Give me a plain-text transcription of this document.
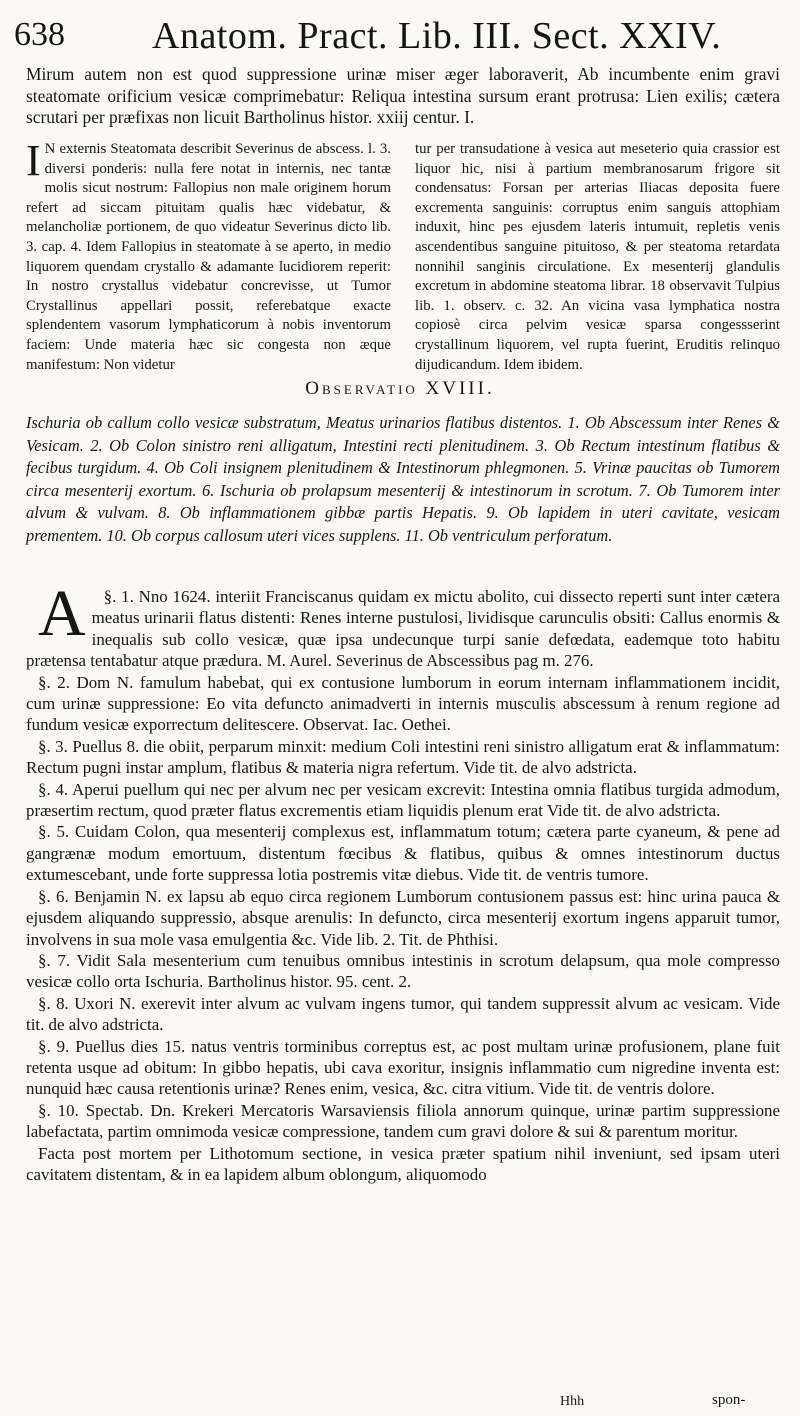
638 Anatom. Pract. Lib. III. Sect. XXIV.
Mirum autem non est quod suppressione urinæ miser æger laboraverit, Ab incumbente enim gravi steatomate orificium vesicæ comprimebatur: Reliqua intestina sursum erant protrusa: Lien exilis; cætera scrutari per præfixas non licuit Bartholinus histor. xxiij centur. I.
I N externis Steatomata describit Severinus de abscess. l. 3. diversi ponderis: nulla fere notat in internis, nec tantæ molis sicut nostrum: Fallopius non male originem horum refert ad siccam pituitam qualis hæc videbatur, & melancholiæ portionem, de quo videatur Severinus dicto lib. 3. cap. 4. Idem Fallopius in steatomate à se aperto, in medio liquorem quendam crystallo & adamante lucidiorem reperit: In nostro crystallus videbatur concrevisse, ut Tumor Crystallinus appellari possit, referebatque exacte splendentem vasorum lymphaticorum à nobis inventorum faciem: Unde materia hæc sic congesta non æque manifestum: Non videtur
tur per transudatione à vesica aut meseterio quia crassior est liquor hic, nisi à partium membranosarum frigore sit condensatus: Forsan per arterias Iliacas deposita fuere excrementa sanguinis: corruptus enim sanguis attophiam induxit, hinc pes ejusdem lateris intumuit, repletis venis ascendentibus sanguine pituitoso, & per steatoma retardata nonnihil sanginis circulatione. Ex mesenterij glandulis excretum in abdomine steatoma librar. 18 observavit Tulpius lib. 1. observ. c. 32. An vicina vasa lymphatica nostra copiosè circa pelvim vesicæ sparsa congessserint crystallinum liquorem, vel rupta fuerint, Eruditis relinquo dijudicandum. Idem ibidem.
Observatio XVIII.
Ischuria ob callum collo vesicæ substratum, Meatus urinarios flatibus distentos. 1. Ob Abscessum inter Renes & Vesicam. 2. Ob Colon sinistro reni alligatum, Intestini recti plenitudinem. 3. Ob Rectum intestinum flatibus & fecibus turgidum. 4. Ob Coli insignem plenitudinem & Intestinorum phlegmonen. 5. Vrinæ paucitas ob Tumorem circa mesenterij exortum. 6. Ischuria ob prolapsum mesenterij & intestinorum in scrotum. 7. Ob Tumorem inter alvum & vulvam. 8. Ob inflammationem gibbæ partis Hepatis. 9. Ob lapidem in uteri cavitate, vesicam prementem. 10. Ob corpus callosum uteri vices supplens. 11. Ob ventriculum perforatum.

§. 1.
A	Nno 1624. interiit Franciscanus quidam ex mictu abolito, cui dissecto reperti sunt inter cætera meatus urinarii flatus distenti: Renes interne pustulosi, lividisque carunculis obsiti: Callus enormis & inequalis sub collo vesicæ, quæ ipsa undecunque turpi sanie defœdata, eademque toto habitu prætensa tentabatur atque prædura. M. Aurel. Severinus de Abscessibus pag m. 276.

§. 2. Dom N. famulum habebat, qui ex contusione lumborum in eorum internam inflammationem incidit, cum urinæ suppressione: Eo vita defuncto animadverti in internis musculis abscessum à renum regione ad fundum vesicæ exporrectum delitescere. Observat. Iac. Oethei.

§. 3. Puellus 8. die obiit, perparum minxit: medium Coli intestini reni sinistro alligatum erat & inflammatum: Rectum pugni instar amplum, flatibus & materia nigra refertum. Vide tit. de alvo adstricta.

§. 4. Aperui puellum qui nec per alvum nec per vesicam excrevit: Intestina omnia flatibus turgida admodum, præsertim rectum, quod præter flatus excrementis etiam liquidis plenum erat Vide tit. de alvo adstricta.

§. 5. Cuidam Colon, qua mesenterij complexus est, inflammatum totum; cætera parte cyaneum, & pene ad gangrænæ modum emortuum, distentum fœcibus & flatibus, quibus & omnes intestinorum ductus extumescebant, unde forte suppressa lotia postremis vitæ diebus. Vide tit. de ventris tumore.

§. 6. Benjamin N. ex lapsu ab equo circa regionem Lumborum contusionem passus est: hinc urina pauca & ejusdem aliquando suppressio, absque arenulis: In defuncto, circa mesenterij exortum ingens apparuit tumor, involvens in sua mole vasa emulgentia &c. Vide lib. 2. Tit. de Phthisi.

§. 7. Vidit Sala mesenterium cum tenuibus omnibus intestinis in scrotum delapsum, qua mole compresso vesicæ collo orta Ischuria. Bartholinus histor. 95. cent. 2.

§. 8. Uxori N. exerevit inter alvum ac vulvam ingens tumor, qui tandem suppressit alvum ac vesicam. Vide tit. de alvo adstricta.

§. 9. Puellus dies 15. natus ventris torminibus correptus est, ac post multam urinæ profusionem, plane fuit retenta usque ad obitum: In gibbo hepatis, ubi cava exoritur, insignis inflammatio cum nigredine inventa est: nunquid hæc causa retentionis urinæ? Renes enim, vesica, &c. citra vitium. Vide tit. de ventris dolore.

§. 10. Spectab. Dn. Krekeri Mercatoris Warsaviensis filiola annorum quinque, urinæ partim suppressione labefactata, partim omnimoda vesicæ compressione, tandem cum gravi dolore & sui & parentum moritur.

Facta post mortem per Lithotomum sectione, in vesica præter spatium nihil inveniunt, sed ipsam uteri cavitatem distentam, & in ea lapidem album oblongum, aliquomodo

Hhh	spon-
